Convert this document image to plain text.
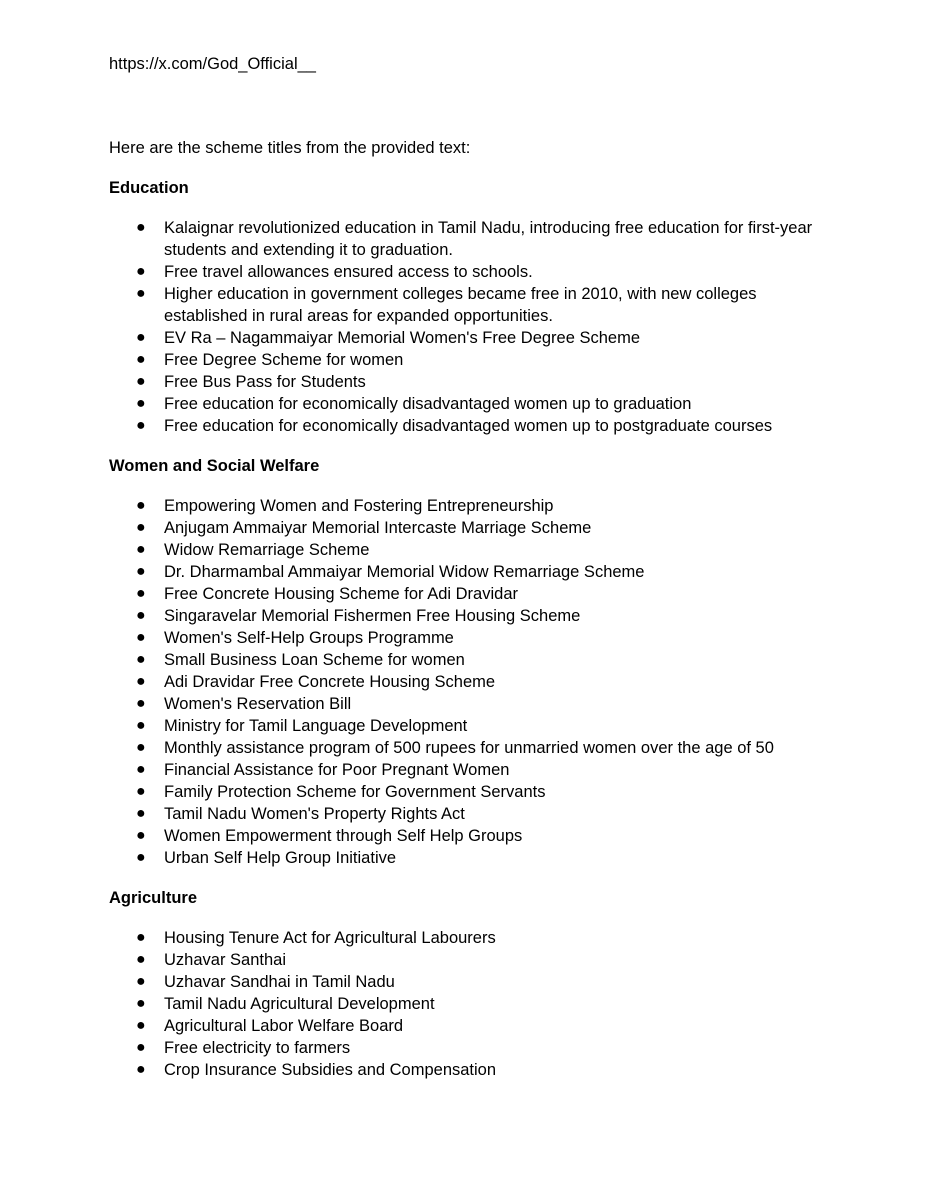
https://x.com/God_Official__

Here are the scheme titles from the provided text:

Education

● Kalaignar revolutionized education in Tamil Nadu, introducing free education for first-year students and extending it to graduation.
● Free travel allowances ensured access to schools.
● Higher education in government colleges became free in 2010, with new colleges established in rural areas for expanded opportunities.
● EV Ra – Nagammaiyar Memorial Women's Free Degree Scheme
● Free Degree Scheme for women
● Free Bus Pass for Students
● Free education for economically disadvantaged women up to graduation
● Free education for economically disadvantaged women up to postgraduate courses

Women and Social Welfare

● Empowering Women and Fostering Entrepreneurship
● Anjugam Ammaiyar Memorial Intercaste Marriage Scheme
● Widow Remarriage Scheme
● Dr. Dharmambal Ammaiyar Memorial Widow Remarriage Scheme
● Free Concrete Housing Scheme for Adi Dravidar
● Singaravelar Memorial Fishermen Free Housing Scheme
● Women's Self-Help Groups Programme
● Small Business Loan Scheme for women
● Adi Dravidar Free Concrete Housing Scheme
● Women's Reservation Bill
● Ministry for Tamil Language Development
● Monthly assistance program of 500 rupees for unmarried women over the age of 50
● Financial Assistance for Poor Pregnant Women
● Family Protection Scheme for Government Servants
● Tamil Nadu Women's Property Rights Act
● Women Empowerment through Self Help Groups
● Urban Self Help Group Initiative

Agriculture

● Housing Tenure Act for Agricultural Labourers
● Uzhavar Santhai
● Uzhavar Sandhai in Tamil Nadu
● Tamil Nadu Agricultural Development
● Agricultural Labor Welfare Board
● Free electricity to farmers
● Crop Insurance Subsidies and Compensation
